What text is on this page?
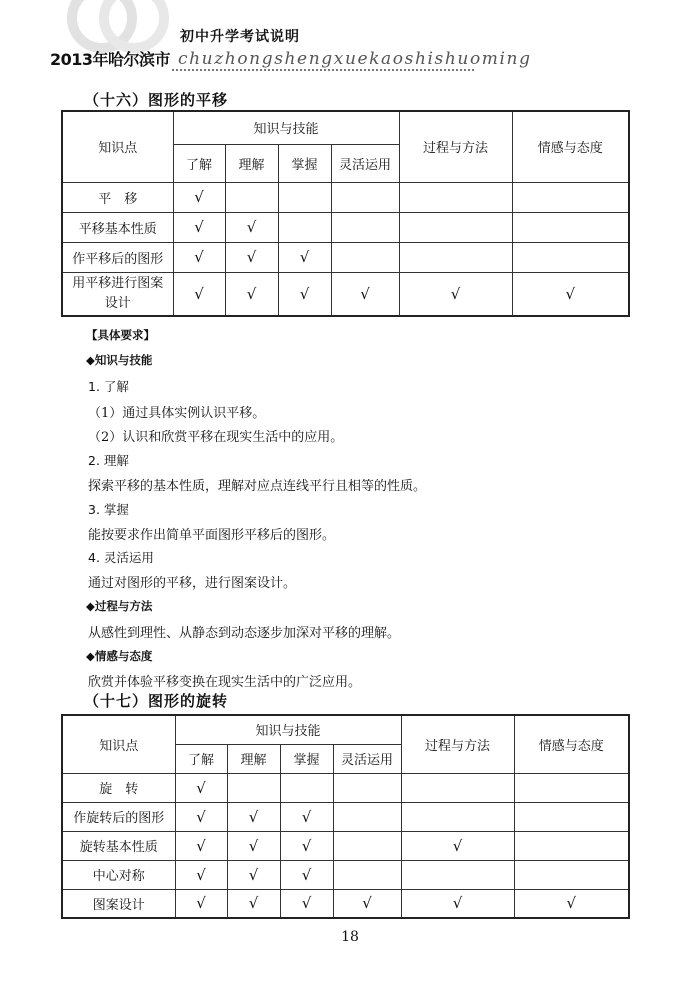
初中升学考试说明
2013年哈尔滨市 chuzhongshengxuekaoshishuoming
（十六）图形的平移
知识点	知识与技能				过程与方法	情感与态度
	了解	理解	掌握	灵活运用		
平　移	√					
平移基本性质	√	√				
作平移后的图形	√	√	√			

用平移进行图案
设计	√	√	√	√	√	√
【具体要求】
◆知识与技能
1. 了解
（1）通过具体实例认识平移。
（2）认识和欣赏平移在现实生活中的应用。
2. 理解
探索平移的基本性质，理解对应点连线平行且相等的性质。
3. 掌握
能按要求作出简单平面图形平移后的图形。
4. 灵活运用
通过对图形的平移，进行图案设计。
◆过程与方法
从感性到理性、从静态到动态逐步加深对平移的理解。
◆情感与态度
欣赏并体验平移变换在现实生活中的广泛应用。
（十七）图形的旋转
知识点	知识与技能				过程与方法	情感与态度
	了解	理解	掌握	灵活运用		
旋　转	√					
作旋转后的图形	√	√	√			
旋转基本性质	√	√	√		√	
中心对称	√	√	√			
图案设计	√	√	√	√	√	√
18
